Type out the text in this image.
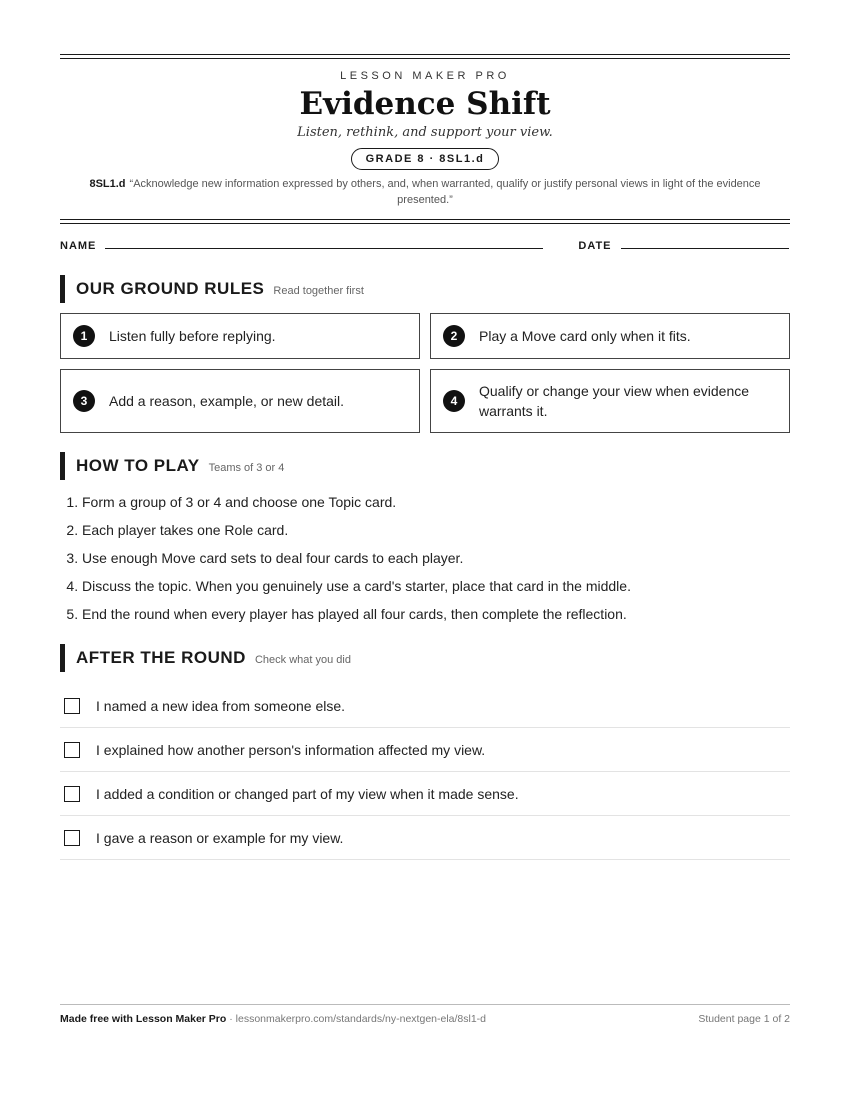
LESSON MAKER PRO
Evidence Shift
Listen, rethink, and support your view.
GRADE 8 · 8SL1.d
8SL1.d “Acknowledge new information expressed by others, and, when warranted, qualify or justify personal views in light of the evidence presented.”
NAME	DATE
OUR GROUND RULES Read together first
1	Listen fully before replying.	2	Play a Move card only when it fits.
3	Add a reason, example, or new detail.	4
Qualify or change your view when evidence warrants it.
HOW TO PLAY Teams of 3 or 4
1. Form a group of 3 or 4 and choose one Topic card.
2. Each player takes one Role card.
3. Use enough Move card sets to deal four cards to each player.
4. Discuss the topic. When you genuinely use a card's starter, place that card in the middle.
5. End the round when every player has played all four cards, then complete the reflection.
AFTER THE ROUND Check what you did
I named a new idea from someone else.
I explained how another person's information affected my view.
I added a condition or changed part of my view when it made sense.
I gave a reason or example for my view.
Made free with Lesson Maker Pro · lessonmakerpro.com/standards/ny-nextgen-ela/8sl1-d	Student page 1 of 2
